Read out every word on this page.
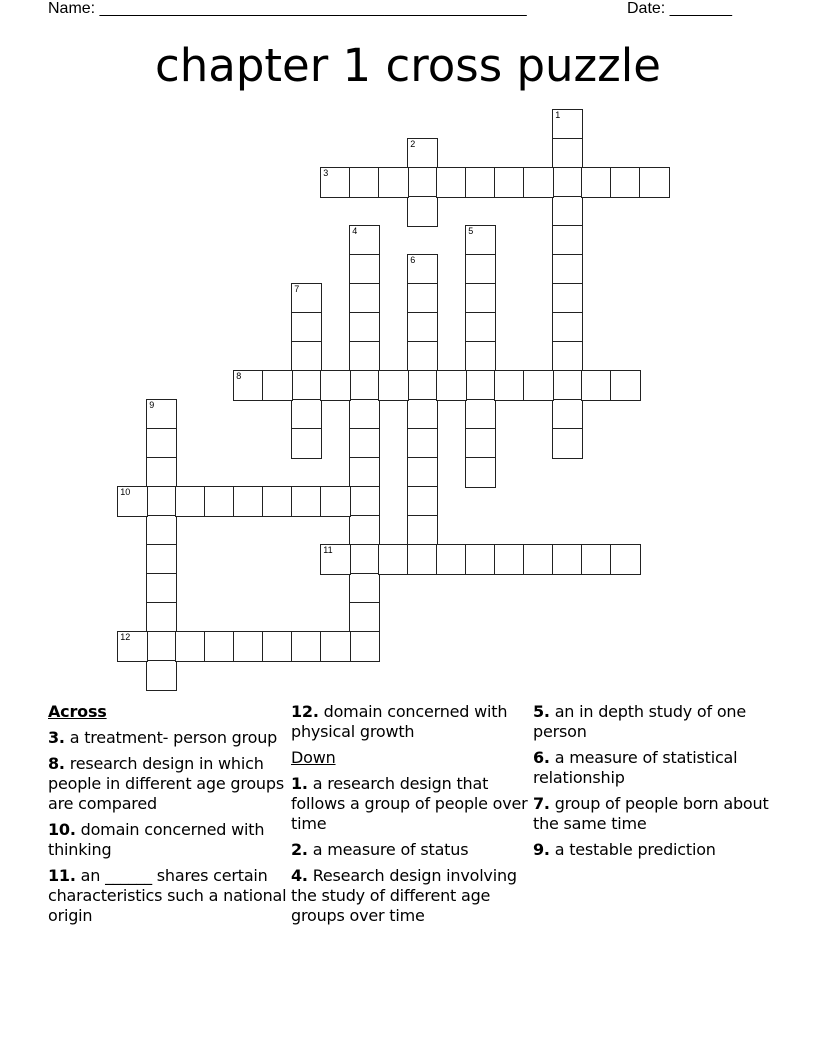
Name: ________________________________________________	Date: _______
chapter 1 cross puzzle
1
2
3
4	5
6
7
8
9
10
11
12
Across
3. a treatment- person group
8. research design in which people in different age groups are compared
10. domain concerned with thinking
11. an ______ shares certain characteristics such a national origin
12. domain concerned with physical growth
Down
1. a research design that follows a group of people over time
2. a measure of status
4. Research design involving the study of different age groups over time
5. an in depth study of one person
6. a measure of statistical relationship
7. group of people born about the same time
9. a testable prediction
